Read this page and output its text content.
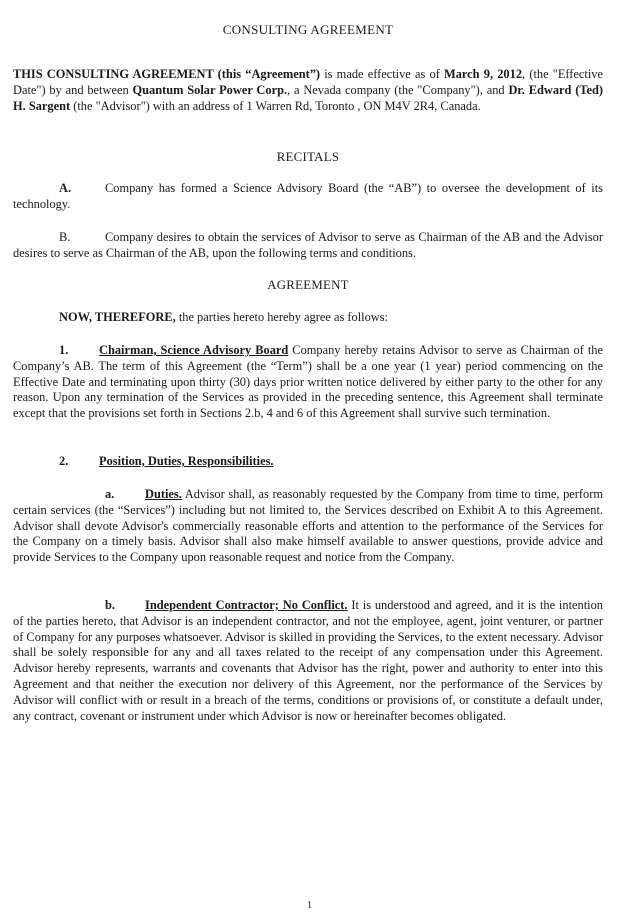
CONSULTING AGREEMENT
THIS CONSULTING AGREEMENT (this “Agreement”) is made effective as of March 9, 2012, (the "Effective Date") by and between Quantum Solar Power Corp., a Nevada company (the "Company"), and Dr. Edward (Ted) H. Sargent (the "Advisor") with an address of 1 Warren Rd, Toronto , ON M4V 2R4, Canada.
RECITALS
A.	Company has formed a Science Advisory Board (the “AB”) to oversee the development of its technology.
B.	Company desires to obtain the services of Advisor to serve as Chairman of the AB and the Advisor desires to serve as Chairman of the AB, upon the following terms and conditions.
AGREEMENT
NOW, THEREFORE, the parties hereto hereby agree as follows:
1. Chairman, Science Advisory Board Company hereby retains Advisor to serve as Chairman of the Company’s AB. The term of this Agreement (the “Term”) shall be a one year (1 year) period commencing on the Effective Date and terminating upon thirty (30) days prior written notice delivered by either party to the other for any reason. Upon any termination of the Services as provided in the preceding sentence, this Agreement shall terminate except that the provisions set forth in Sections 2.b, 4 and 6 of this Agreement shall survive such termination.
2. Position, Duties, Responsibilities.
a. Duties. Advisor shall, as reasonably requested by the Company from time to time, perform certain services (the “Services”) including but not limited to, the Services described on Exhibit A to this Agreement. Advisor shall devote Advisor's commercially reasonable efforts and attention to the performance of the Services for the Company on a timely basis. Advisor shall also make himself available to answer questions, provide advice and provide Services to the Company upon reasonable request and notice from the Company.
b. Independent Contractor; No Conflict. It is understood and agreed, and it is the intention of the parties hereto, that Advisor is an independent contractor, and not the employee, agent, joint venturer, or partner of Company for any purposes whatsoever. Advisor is skilled in providing the Services, to the extent necessary. Advisor shall be solely responsible for any and all taxes related to the receipt of any compensation under this Agreement. Advisor hereby represents, warrants and covenants that Advisor has the right, power and authority to enter into this Agreement and that neither the execution nor delivery of this Agreement, nor the performance of the Services by Advisor will conflict with or result in a breach of the terms, conditions or provisions of, or constitute a default under, any contract, covenant or instrument under which Advisor is now or hereinafter becomes obligated.
1
